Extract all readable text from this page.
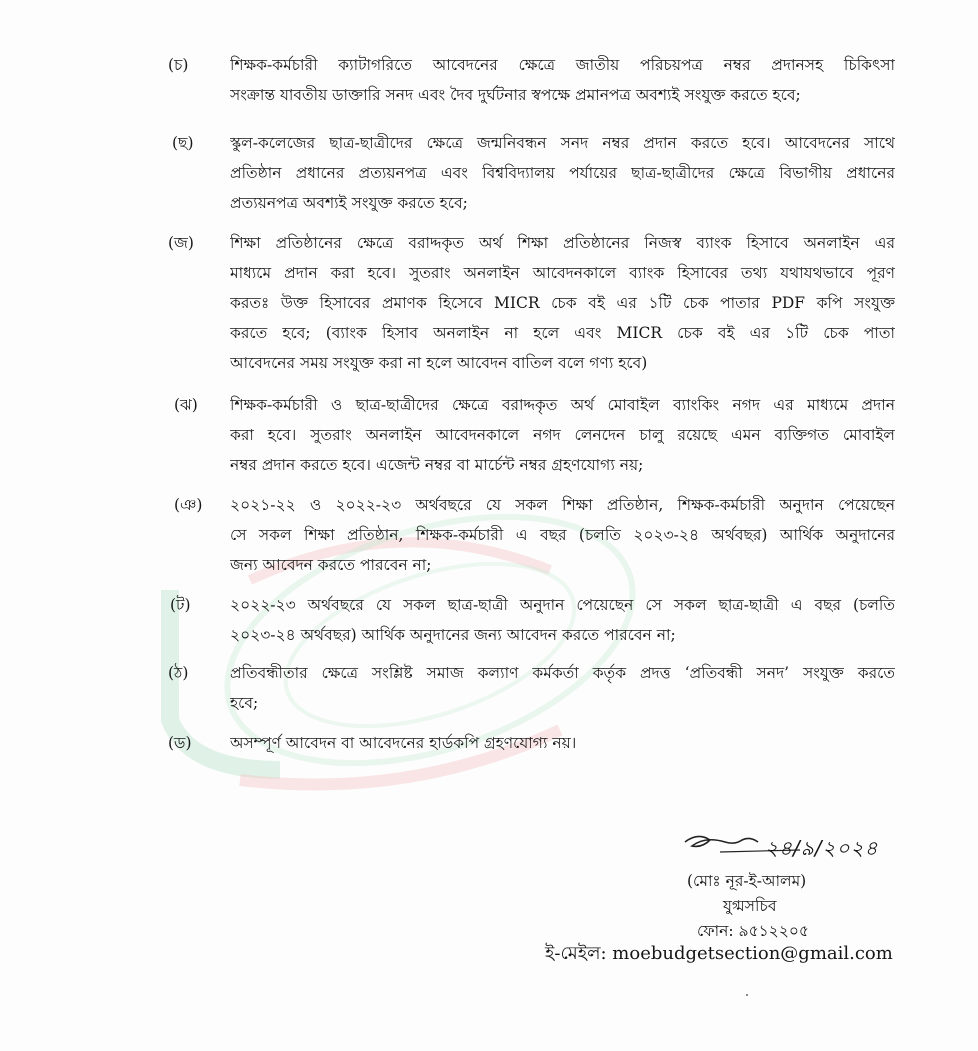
(চ)	শিক্ষক-কর্মচারী ক্যাটাগরিতে আবেদনের ক্ষেত্রে জাতীয় পরিচয়পত্র নম্বর প্রদানসহ চিকিৎসা
সংক্রান্ত যাবতীয় ডাক্তারি সনদ এবং দৈব দুর্ঘটনার স্বপক্ষে প্রমানপত্র অবশ্যই সংযুক্ত করতে হবে;
(ছ) স্কুল-কলেজের ছাত্র-ছাত্রীদের ক্ষেত্রে জন্মনিবন্ধন সনদ নম্বর প্রদান করতে হবে। আবেদনের সাথে
প্রতিষ্ঠান প্রধানের প্রত্যয়নপত্র এবং বিশ্ববিদ্যালয় পর্যায়ের ছাত্র-ছাত্রীদের ক্ষেত্রে বিভাগীয় প্রধানের
প্রত্যয়নপত্র অবশ্যই সংযুক্ত করতে হবে;
(জ) শিক্ষা প্রতিষ্ঠানের ক্ষেত্রে বরাদ্দকৃত অর্থ শিক্ষা প্রতিষ্ঠানের নিজস্ব ব্যাংক হিসাবে অনলাইন এর
মাধ্যমে প্রদান করা হবে। সুতরাং অনলাইন আবেদনকালে ব্যাংক হিসাবের তথ্য যথাযথভাবে পূরণ
করতঃ উক্ত হিসাবের প্রমাণক হিসেবে MICR চেক বই এর ১টি চেক পাতার PDF কপি সংযুক্ত
করতে হবে; (ব্যাংক হিসাব অনলাইন না হলে এবং MICR চেক বই এর ১টি চেক পাতা
আবেদনের সময় সংযুক্ত করা না হলে আবেদন বাতিল বলে গণ্য হবে)
(ঝ) শিক্ষক-কর্মচারী ও ছাত্র-ছাত্রীদের ক্ষেত্রে বরাদ্দকৃত অর্থ মোবাইল ব্যাংকিং নগদ এর মাধ্যমে প্রদান
করা হবে। সুতরাং অনলাইন আবেদনকালে নগদ লেনদেন চালু রয়েছে এমন ব্যক্তিগত মোবাইল
নম্বর প্রদান করতে হবে। এজেন্ট নম্বর বা মার্চেন্ট নম্বর গ্রহণযোগ্য নয়;
(ঞ) ২০২১-২২ ও ২০২২-২৩ অর্থবছরে যে সকল শিক্ষা প্রতিষ্ঠান, শিক্ষক-কর্মচারী অনুদান পেয়েছেন
সে সকল শিক্ষা প্রতিষ্ঠান, শিক্ষক-কর্মচারী এ বছর (চলতি ২০২৩-২৪ অর্থবছর) আর্থিক অনুদানের
জন্য আবেদন করতে পারবেন না;
(ট)	২০২২-২৩ অর্থবছরে যে সকল ছাত্র-ছাত্রী অনুদান পেয়েছেন সে সকল ছাত্র-ছাত্রী এ বছর (চলতি
২০২৩-২৪ অর্থবছর) আর্থিক অনুদানের জন্য আবেদন করতে পারবেন না;
(ঠ)	প্রতিবন্ধীতার ক্ষেত্রে সংশ্লিষ্ট সমাজ কল্যাণ কর্মকর্তা কর্তৃক প্রদত্ত ‘প্রতিবন্ধী সনদ’ সংযুক্ত করতে
হবে;
(ড) অসম্পূর্ণ আবেদন বা আবেদনের হার্ডকপি গ্রহণযোগ্য নয়।
২৪/৯/২০২৪
(মোঃ নূর-ই-আলম)
যুগ্মসচিব
ফোন: ৯৫১২২০৫
ই-মেইল: moebudgetsection@gmail.com
